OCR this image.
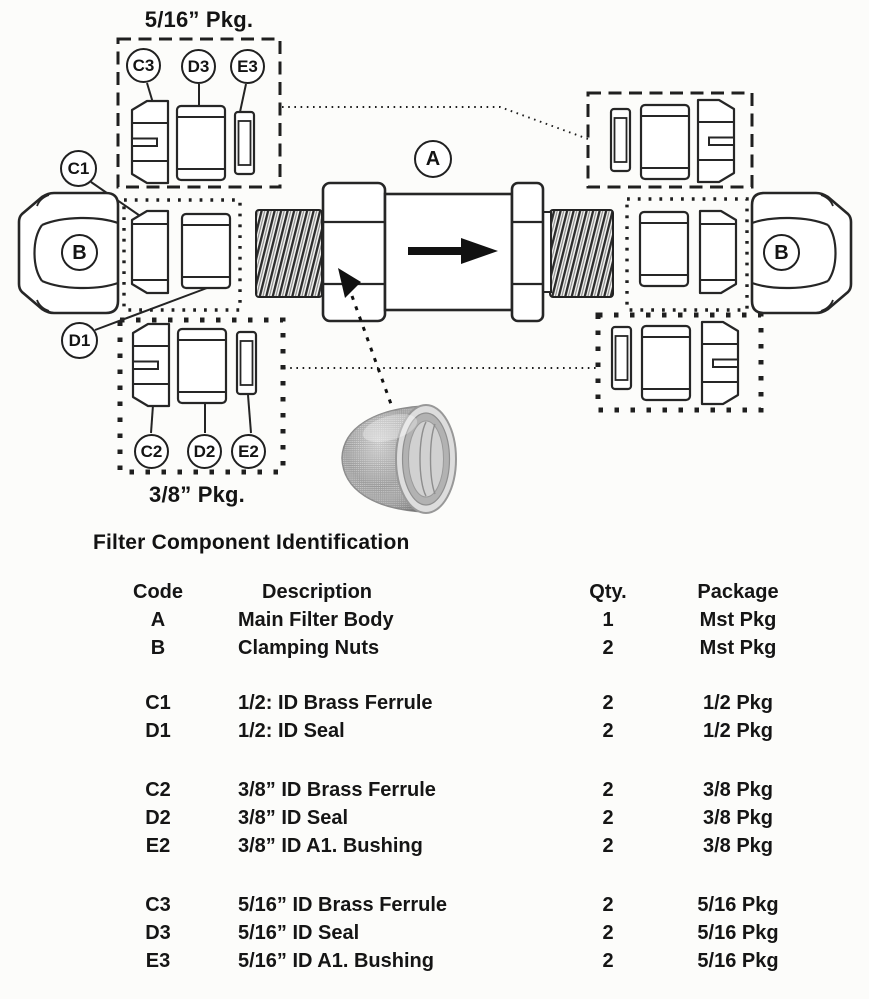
5/16” Pkg.
3/8” Pkg.
C3	D3	E3
C1
D1
A
B	B
C2	D2	E2
Filter Component Identification
Code	Description	Qty.	Package
A	Main Filter Body	1	Mst Pkg
B	Clamping Nuts	2	Mst Pkg
C1	1/2: ID Brass Ferrule	2	1/2 Pkg
D1	1/2: ID Seal	2	1/2 Pkg
C2	3/8” ID Brass Ferrule	2	3/8 Pkg
D2	3/8” ID Seal	2	3/8 Pkg
E2	3/8” ID A1. Bushing	2	3/8 Pkg
C3	5/16” ID Brass Ferrule	2	5/16 Pkg
D3	5/16” ID Seal	2	5/16 Pkg
E3	5/16” ID A1. Bushing	2	5/16 Pkg
